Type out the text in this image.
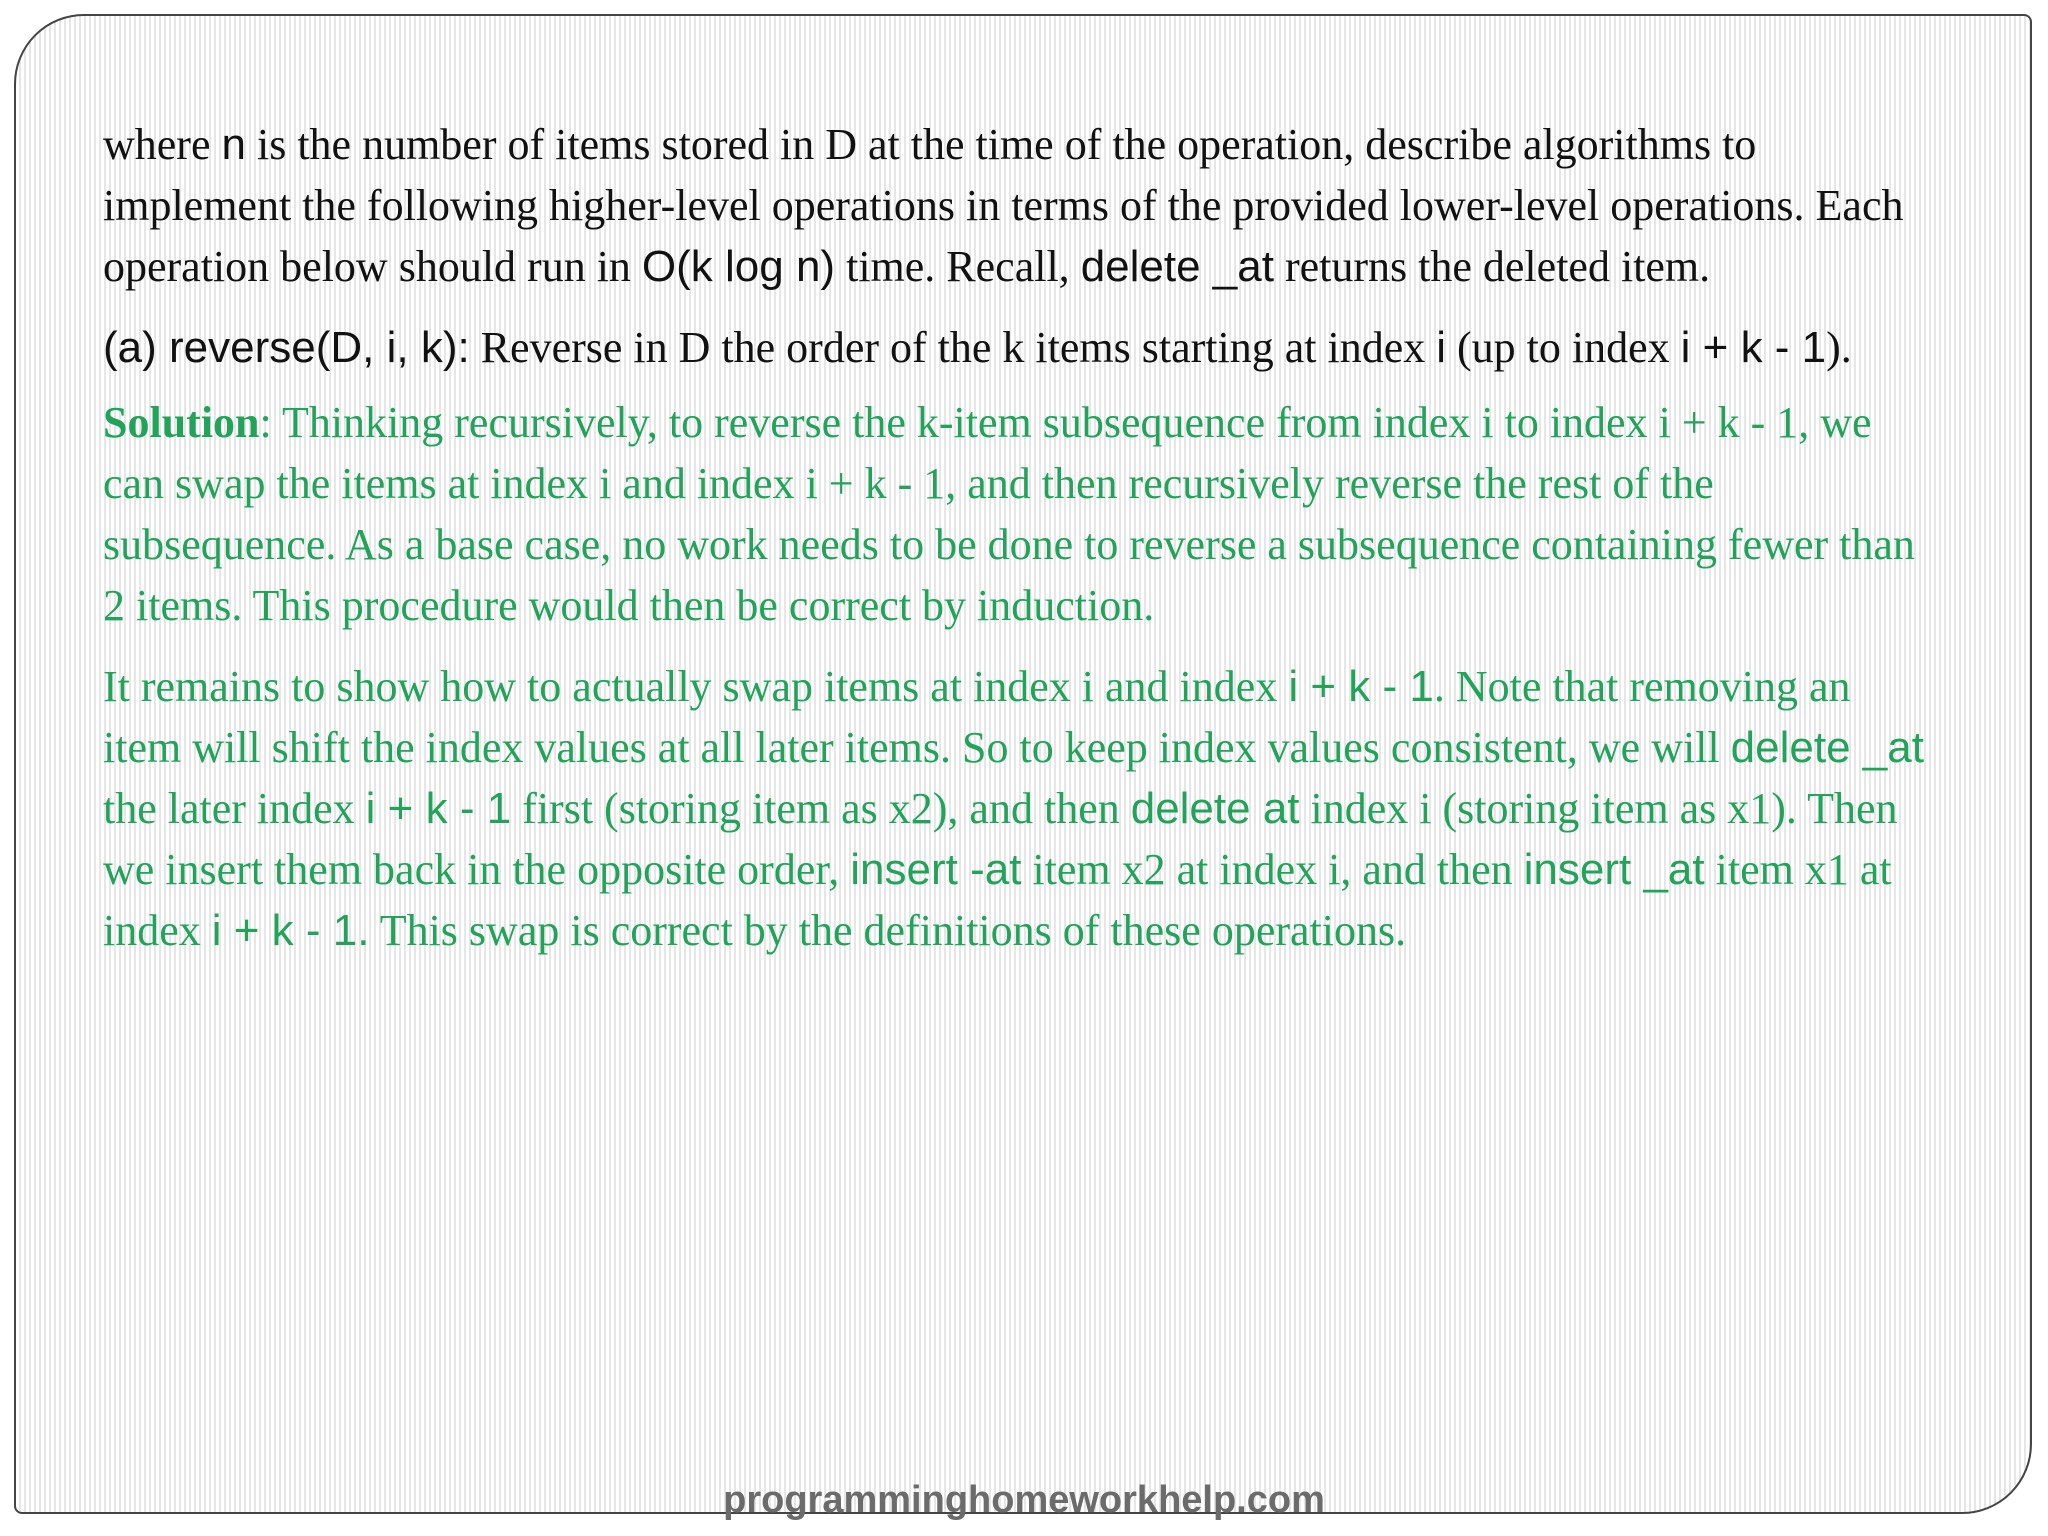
where n is the number of items stored in D at the time of the operation, describe algorithms to implement the following higher-level operations in terms of the provided lower-level operations. Each operation below should run in O(k log n) time. Recall, delete _at returns the deleted item.

(a) reverse(D, i, k): Reverse in D the order of the k items starting at index i (up to index i + k - 1).

Solution: Thinking recursively, to reverse the k-item subsequence from index i to index i + k - 1, we can swap the items at index i and index i + k - 1, and then recursively reverse the rest of the subsequence. As a base case, no work needs to be done to reverse a subsequence containing fewer than 2 items. This procedure would then be correct by induction.

It remains to show how to actually swap items at index i and index i + k - 1. Note that removing an item will shift the index values at all later items. So to keep index values consistent, we will delete _at the later index i + k - 1 first (storing item as x2), and then delete at index i (storing item as x1). Then we insert them back in the opposite order, insert -at item x2 at index i, and then insert _at item x1 at index i + k - 1. This swap is correct by the definitions of these operations.

programminghomeworkhelp.com
